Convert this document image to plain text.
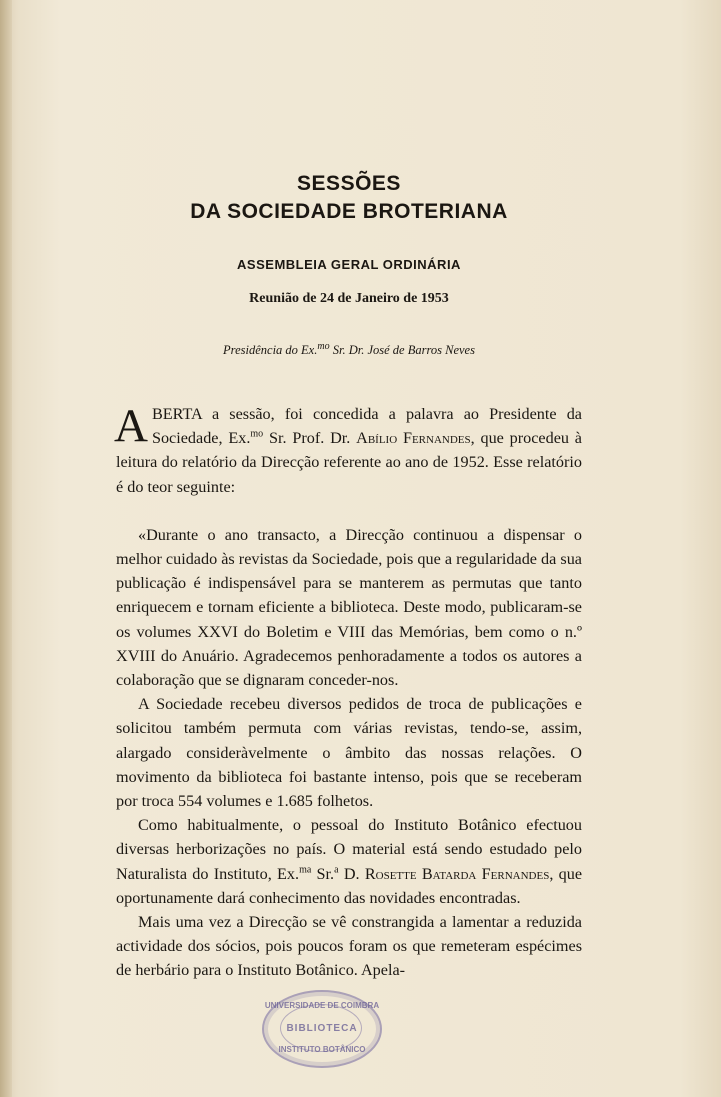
SESSÕES
DA SOCIEDADE BROTERIANA
ASSEMBLEIA GERAL ORDINÁRIA
Reunião de 24 de Janeiro de 1953
Presidência do Ex.$^{mo}$ Sr. Dr. José de Barros Neves

ABERTA a sessão, foi concedida a palavra ao Presidente da Sociedade, Ex.$^{mo}$ Sr. Prof. Dr. Abílio Fernandes, que procedeu à leitura do relatório da Direcção referente ao ano de 1952. Esse relatório é do teor seguinte:

«Durante o ano transacto, a Direcção continuou a dispensar o melhor cuidado às revistas da Sociedade, pois que a regularidade da sua publicação é indispensável para se manterem as permutas que tanto enriquecem e tornam eficiente a biblioteca. Deste modo, publicaram-se os volumes XXVI do Boletim e VIII das Memórias, bem como o n.º XVIII do Anuário. Agradecemos penhoradamente a todos os autores a colaboração que se dignaram conceder-nos.

A Sociedade recebeu diversos pedidos de troca de publicações e solicitou também permuta com várias revistas, tendo-se, assim, alargado consideràvelmente o âmbito das nossas relações. O movimento da biblioteca foi bastante intenso, pois que se receberam por troca 554 volumes e 1.685 folhetos.

Como habitualmente, o pessoal do Instituto Botânico efectuou diversas herborizações no país. O material está sendo estudado pelo Naturalista do Instituto, Ex.$^{ma}$ Sr.$^a$ D. Rosette Batarda Fernandes, que oportunamente dará conhecimento das novidades encontradas.

Mais uma vez a Direcção se vê constrangida a lamentar a reduzida actividade dos sócios, pois poucos foram os que remeteram espécimes de herbário para o Instituto Botânico. Apela-

UNIVERSIDADE DE COIMBRA
BIBLIOTECA
INSTITUTO BOTÂNICO
